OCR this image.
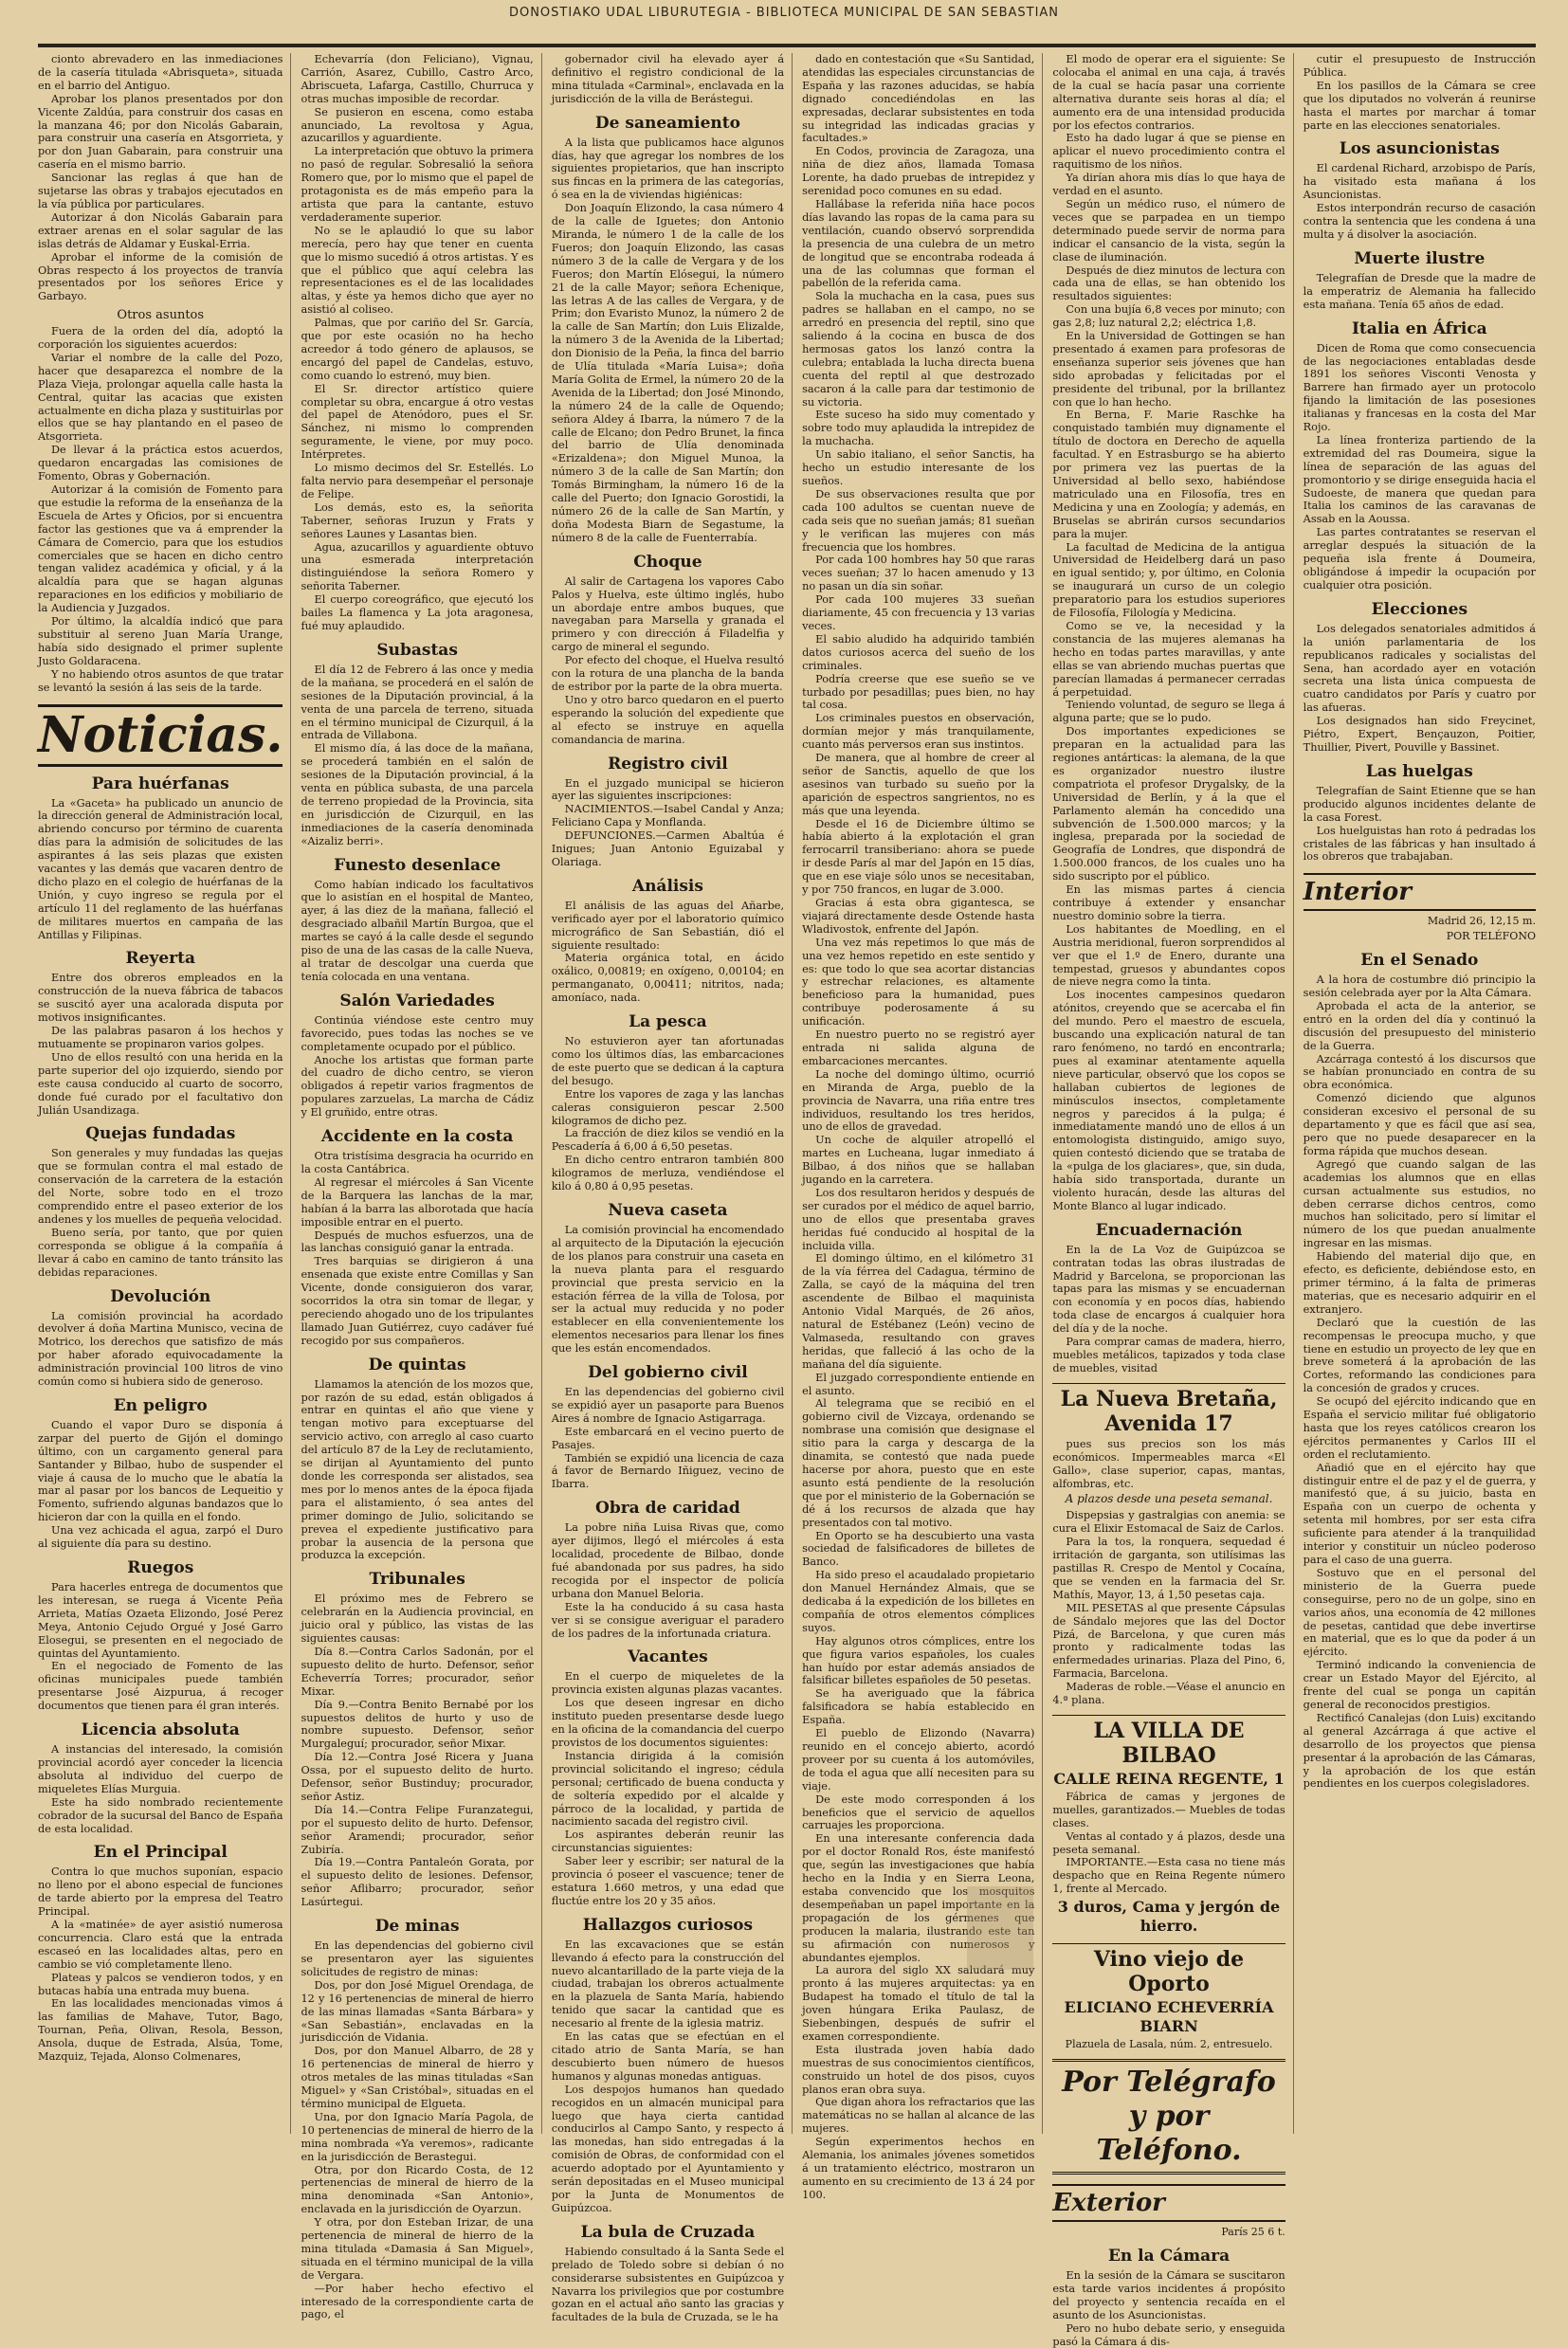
DONOSTIAKO UDAL LIBURUTEGIA - BIBLIOTECA MUNICIPAL DE SAN SEBASTIAN

cionto abrevadero en las inmediaciones de la casería titulada «Abrisqueta», situada en el barrio del Antiguo.

Aprobar los planos presentados por don Vicente Zaldúa, para construir dos casas en la manzana 46; por don Nicolás Gabarain, para construir una casería en Atsgorrieta, y por don Juan Gabarain, para construir una casería en el mismo barrio.

Sancionar las reglas á que han de sujetarse las obras y trabajos ejecutados en la vía pública por particulares.

Autorizar á don Nicolás Gabarain para extraer arenas en el solar sagular de las islas detrás de Aldamar y Euskal-Erria.

Aprobar el informe de la comisión de Obras respecto á los proyectos de tranvía presentados por los señores Erice y Garbayo.

Otros asuntos

Fuera de la orden del día, adoptó la corporación los siguientes acuerdos:

Variar el nombre de la calle del Pozo, hacer que desaparezca el nombre de la Plaza Vieja, prolongar aquella calle hasta la Central, quitar las acacias que existen actualmente en dicha plaza y sustituirlas por ellos que se hay plantando en el paseo de Atsgorrieta.

De llevar á la práctica estos acuerdos, quedaron encargadas las comisiones de Fomento, Obras y Gobernación.

Autorizar á la comisión de Fomento para que estudie la reforma de la enseñanza de la Escuela de Artes y Oficios, por si encuentra factor las gestiones que va á emprender la Cámara de Comercio, para que los estudios comerciales que se hacen en dicho centro tengan validez académica y oficial, y á la alcaldía para que se hagan algunas reparaciones en los edificios y mobiliario de la Audiencia y Juzgados.

Por último, la alcaldía indicó que para substituir al sereno Juan María Urange, había sido designado el primer suplente Justo Goldaracena.

Y no habiendo otros asuntos de que tratar se levantó la sesión á las seis de la tarde.

Noticias.
Para huérfanas

La «Gaceta» ha publicado un anuncio de la dirección general de Administración local, abriendo concurso por término de cuarenta días para la admisión de solicitudes de las aspirantes á las seis plazas que existen vacantes y las demás que vacaren dentro de dicho plazo en el colegio de huérfanas de la Unión, y cuyo ingreso se regula por el artículo 11 del reglamento de las huérfanas de militares muertos en campaña de las Antillas y Filipinas.

Reyerta

Entre dos obreros empleados en la construcción de la nueva fábrica de tabacos se suscitó ayer una acalorada disputa por motivos insignificantes.

De las palabras pasaron á los hechos y mutuamente se propinaron varios golpes.

Uno de ellos resultó con una herida en la parte superior del ojo izquierdo, siendo por este causa conducido al cuarto de socorro, donde fué curado por el facultativo don Julián Usandizaga.

Quejas fundadas

Son generales y muy fundadas las quejas que se formulan contra el mal estado de conservación de la carretera de la estación del Norte, sobre todo en el trozo comprendido entre el paseo exterior de los andenes y los muelles de pequeña velocidad.

Bueno sería, por tanto, que por quien corresponda se obligue á la compañía á llevar á cabo en camino de tanto tránsito las debidas reparaciones.

Devolución

La comisión provincial ha acordado devolver á doña Martina Munisco, vecina de Motrico, los derechos que satisfizo de más por haber aforado equivocadamente la administración provincial 100 litros de vino común como si hubiera sido de generoso.

En peligro

Cuando el vapor Duro se disponía á zarpar del puerto de Gijón el domingo último, con un cargamento general para Santander y Bilbao, hubo de suspender el viaje á causa de lo mucho que le abatía la mar al pasar por los bancos de Lequeitio y Fomento, sufriendo algunas bandazos que lo hicieron dar con la quilla en el fondo.

Una vez achicada el agua, zarpó el Duro al siguiente día para su destino.

Ruegos

Para hacerles entrega de documentos que les interesan, se ruega á Vicente Peña Arrieta, Matías Ozaeta Elizondo, José Perez Meya, Antonio Cejudo Orgué y José Garro Elosegui, se presenten en el negociado de quintas del Ayuntamiento.

En el negociado de Fomento de las oficinas municipales puede también presentarse José Aizpurua, á recoger documentos que tienen para él gran interés.

Licencia absoluta

A instancias del interesado, la comisión provincial acordó ayer conceder la licencia absoluta al individuo del cuerpo de miqueletes Elías Murguia.

Este ha sido nombrado recientemente cobrador de la sucursal del Banco de España de esta localidad.

En el Principal

Contra lo que muchos suponían, espacio no lleno por el abono especial de funciones de tarde abierto por la empresa del Teatro Principal.

A la «matinée» de ayer asistió numerosa concurrencia. Claro está que la entrada escaseó en las localidades altas, pero en cambio se vió completamente lleno.

Plateas y palcos se vendieron todos, y en butacas había una entrada muy buena.

En las localidades mencionadas vimos á las familias de Mahave, Tutor, Bago, Tournan, Peña, Olivan, Resola, Besson, Ansola, duque de Estrada, Alsúa, Tome, Mazquiz, Tejada, Alonso Colmenares,

Echevarría (don Feliciano), Vignau, Carrión, Asarez, Cubillo, Castro Arco, Abriscueta, Lafarga, Castillo, Churruca y otras muchas imposible de recordar.

Se pusieron en escena, como estaba anunciado, La revoltosa y Agua, azucarillos y aguardiente.

La interpretación que obtuvo la primera no pasó de regular. Sobresalió la señora Romero que, por lo mismo que el papel de protagonista es de más empeño para la artista que para la cantante, estuvo verdaderamente superior.

No se le aplaudió lo que su labor merecía, pero hay que tener en cuenta que lo mismo sucedió á otros artistas. Y es que el público que aquí celebra las representaciones es el de las localidades altas, y éste ya hemos dicho que ayer no asistió al coliseo.

Palmas, que por cariño del Sr. García, que por este ocasión no ha hecho acreedor á todo género de aplausos, se encargó del papel de Candelas, estuvo, como cuando lo estrenó, muy bien.

El Sr. director artístico quiere completar su obra, encargue á otro vestas del papel de Atenódoro, pues el Sr. Sánchez, ni mismo lo comprenden seguramente, le viene, por muy poco. Intérpretes.

Lo mismo decimos del Sr. Estellés. Lo falta nervio para desempeñar el personaje de Felipe.

Los demás, esto es, la señorita Taberner, señoras Iruzun y Frats y señores Launes y Lasantas bien.

Agua, azucarillos y aguardiente obtuvo una esmerada interpretación distinguiéndose la señora Romero y señorita Taberner.

El cuerpo coreográfico, que ejecutó los bailes La flamenca y La jota aragonesa, fué muy aplaudido.

Subastas

El día 12 de Febrero á las once y media de la mañana, se procederá en el salón de sesiones de la Diputación provincial, á la venta de una parcela de terreno, situada en el término municipal de Cizurquil, á la entrada de Villabona.

El mismo día, á las doce de la mañana, se procederá también en el salón de sesiones de la Diputación provincial, á la venta en pública subasta, de una parcela de terreno propiedad de la Provincia, sita en jurisdicción de Cizurquil, en las inmediaciones de la casería denominada «Aizaliz berri».

Funesto desenlace

Como habían indicado los facultativos que lo asistían en el hospital de Manteo, ayer, á las diez de la mañana, falleció el desgraciado albañil Martín Burgoa, que el martes se cayó á la calle desde el segundo piso de una de las casas de la calle Nueva, al tratar de descolgar una cuerda que tenía colocada en una ventana.

Salón Variedades

Continúa viéndose este centro muy favorecido, pues todas las noches se ve completamente ocupado por el público.

Anoche los artistas que forman parte del cuadro de dicho centro, se vieron obligados á repetir varios fragmentos de populares zarzuelas, La marcha de Cádiz y El gruñido, entre otras.

Accidente en la costa

Otra tristísima desgracia ha ocurrido en la costa Cantábrica.

Al regresar el miércoles á San Vicente de la Barquera las lanchas de la mar, habían á la barra las alborotada que hacía imposible entrar en el puerto.

Después de muchos esfuerzos, una de las lanchas consiguió ganar la entrada.

Tres barquias se dirigieron á una ensenada que existe entre Comillas y San Vicente, donde consiguieron dos varar, socorridos la otra sin tomar de llegar, y pereciendo ahogado uno de los tripulantes llamado Juan Gutiérrez, cuyo cadáver fué recogido por sus compañeros.

De quintas

Llamamos la atención de los mozos que, por razón de su edad, están obligados á entrar en quintas el año que viene y tengan motivo para exceptuarse del servicio activo, con arreglo al caso cuarto del artículo 87 de la Ley de reclutamiento, se dirijan al Ayuntamiento del punto donde les corresponda ser alistados, sea mes por lo menos antes de la época fijada para el alistamiento, ó sea antes del primer domingo de Julio, solicitando se prevea el expediente justificativo para probar la ausencia de la persona que produzca la excepción.

Tribunales

El próximo mes de Febrero se celebrarán en la Audiencia provincial, en juicio oral y público, las vistas de las siguientes causas:

Día 8.—Contra Carlos Sadonán, por el supuesto delito de hurto. Defensor, señor Echeverría Torres; procurador, señor Mixar.

Día 9.—Contra Benito Bernabé por los supuestos delitos de hurto y uso de nombre supuesto. Defensor, señor Murgaleguí; procurador, señor Mixar.

Día 12.—Contra José Ricera y Juana Ossa, por el supuesto delito de hurto. Defensor, señor Bustinduy; procurador, señor Astiz.

Día 14.—Contra Felipe Furanzategui, por el supuesto delito de hurto. Defensor, señor Aramendi; procurador, señor Zubiría.

Día 19.—Contra Pantaleón Gorata, por el supuesto delito de lesiones. Defensor, señor Aflibarro; procurador, señor Lasúrtegui.

De minas

En las dependencias del gobierno civil se presentaron ayer las siguientes solicitudes de registro de minas:

Dos, por don José Miguel Orendaga, de 12 y 16 pertenencias de mineral de hierro de las minas llamadas «Santa Bárbara» y «San Sebastián», enclavadas en la jurisdicción de Vidania.

Dos, por don Manuel Albarro, de 28 y 16 pertenencias de mineral de hierro y otros metales de las minas tituladas «San Miguel» y «San Cristóbal», situadas en el término municipal de Elgueta.

Una, por don Ignacio María Pagola, de 10 pertenencias de mineral de hierro de la mina nombrada «Ya veremos», radicante en la jurisdicción de Berastegui.

Otra, por don Ricardo Costa, de 12 pertenencias de mineral de hierro de la mina denominada «San Antonio», enclavada en la jurisdicción de Oyarzun.

Y otra, por don Esteban Irizar, de una pertenencia de mineral de hierro de la mina titulada «Damasia á San Miguel», situada en el término municipal de la villa de Vergara.

—Por haber hecho efectivo el interesado de la correspondiente carta de pago, el

gobernador civil ha elevado ayer á definitivo el registro condicional de la mina titulada «Carminal», enclavada en la jurisdicción de la villa de Berástegui.

De saneamiento

A la lista que publicamos hace algunos días, hay que agregar los nombres de los siguientes propietarios, que han inscripto sus fincas en la primera de las categorías, ó sea en la de viviendas higiénicas:

Don Joaquín Elizondo, la casa número 4 de la calle de Iguetes; don Antonio Miranda, le número 1 de la calle de los Fueros; don Joaquín Elizondo, las casas número 3 de la calle de Vergara y de los Fueros; don Martín Elósegui, la número 21 de la calle Mayor; señora Echenique, las letras A de las calles de Vergara, y de Prim; don Evaristo Munoz, la número 2 de la calle de San Martín; don Luis Elizalde, la número 3 de la Avenida de la Libertad; don Dionisio de la Peña, la finca del barrio de Ulía titulada «María Luisa»; doña María Golita de Ermel, la número 20 de la Avenida de la Libertad; don José Minondo, la número 24 de la calle de Oquendo; señora Aldey á Ibarra, la número 7 de la calle de Elcano; don Pedro Brunet, la finca del barrio de Ulía denominada «Erizaldena»; don Miguel Munoa, la número 3 de la calle de San Martín; don Tomás Birmingham, la número 16 de la calle del Puerto; don Ignacio Gorostidi, la número 26 de la calle de San Martín, y doña Modesta Biarn de Segastume, la número 8 de la calle de Fuenterrabía.

Choque

Al salir de Cartagena los vapores Cabo Palos y Huelva, este último inglés, hubo un abordaje entre ambos buques, que navegaban para Marsella y granada el primero y con dirección á Filadelfia y cargo de mineral el segundo.

Por efecto del choque, el Huelva resultó con la rotura de una plancha de la banda de estribor por la parte de la obra muerta.

Uno y otro barco quedaron en el puerto esperando la solución del expediente que al efecto se instruye en aquella comandancia de marina.

Registro civil

En el juzgado municipal se hicieron ayer las siguientes inscripciones:

NACIMIENTOS.—Isabel Candal y Anza; Feliciano Capa y Monflanda.

DEFUNCIONES.—Carmen Abaltúa é Inigues; Juan Antonio Eguizabal y Olariaga.

Análisis

El análisis de las aguas del Añarbe, verificado ayer por el laboratorio químico micrográfico de San Sebastián, dió el siguiente resultado:

Materia orgánica total, en ácido oxálico, 0,00819; en oxígeno, 0,00104; en permanganato, 0,00411; nitritos, nada; amoníaco, nada.

La pesca

No estuvieron ayer tan afortunadas como los últimos días, las embarcaciones de este puerto que se dedican á la captura del besugo.

Entre los vapores de zaga y las lanchas caleras consiguieron pescar 2.500 kilogramos de dicho pez.

La fracción de diez kilos se vendió en la Pescadería á 6,00 á 6,50 pesetas.

En dicho centro entraron también 800 kilogramos de merluza, vendiéndose el kilo á 0,80 á 0,95 pesetas.

Nueva caseta

La comisión provincial ha encomendado al arquitecto de la Diputación la ejecución de los planos para construir una caseta en la nueva planta para el resguardo provincial que presta servicio en la estación férrea de la villa de Tolosa, por ser la actual muy reducida y no poder establecer en ella convenientemente los elementos necesarios para llenar los fines que les están encomendados.

Del gobierno civil

En las dependencias del gobierno civil se expidió ayer un pasaporte para Buenos Aires á nombre de Ignacio Astigarraga.

Este embarcará en el vecino puerto de Pasajes.

También se expidió una licencia de caza á favor de Bernardo Iñiguez, vecino de Ibarra.

Obra de caridad

La pobre niña Luisa Rivas que, como ayer dijimos, llegó el miércoles á esta localidad, procedente de Bilbao, donde fué abandonada por sus padres, ha sido recogida por el inspector de policía urbana don Manuel Beloria.

Este la ha conducido á su casa hasta ver si se consigue averiguar el paradero de los padres de la infortunada criatura.

Vacantes

En el cuerpo de miqueletes de la provincia existen algunas plazas vacantes.

Los que deseen ingresar en dicho instituto pueden presentarse desde luego en la oficina de la comandancia del cuerpo provistos de los documentos siguientes:

Instancia dirigida á la comisión provincial solicitando el ingreso; cédula personal; certificado de buena conducta y de soltería expedido por el alcalde y párroco de la localidad, y partida de nacimiento sacada del registro civil.

Los aspirantes deberán reunir las circunstancias siguientes:

Saber leer y escribir; ser natural de la provincia ó poseer el vascuence; tener de estatura 1.660 metros, y una edad que fluctúe entre los 20 y 35 años.

Hallazgos curiosos

En las excavaciones que se están llevando á efecto para la construcción del nuevo alcantarillado de la parte vieja de la ciudad, trabajan los obreros actualmente en la plazuela de Santa María, habiendo tenido que sacar la cantidad que es necesario al frente de la iglesia matriz.

En las catas que se efectúan en el citado atrio de Santa María, se han descubierto buen número de huesos humanos y algunas monedas antiguas.

Los despojos humanos han quedado recogidos en un almacén municipal para luego que haya cierta cantidad conducirlos al Campo Santo, y respecto á las monedas, han sido entregadas á la comisión de Obras, de conformidad con el acuerdo adoptado por el Ayuntamiento y serán depositadas en el Museo municipal por la Junta de Monumentos de Guipúzcoa.

La bula de Cruzada

Habiendo consultado á la Santa Sede el prelado de Toledo sobre si debían ó no considerarse subsistentes en Guipúzcoa y Navarra los privilegios que por costumbre gozan en el actual año santo las gracias y facultades de la bula de Cruzada, se le ha

dado en contestación que «Su Santidad, atendidas las especiales circunstancias de España y las razones aducidas, se había dignado concediéndolas en las expresadas, declarar subsistentes en toda su integridad las indicadas gracias y facultades.»

En Codos, provincia de Zaragoza, una niña de diez años, llamada Tomasa Lorente, ha dado pruebas de intrepidez y serenidad poco comunes en su edad.

Hallábase la referida niña hace pocos días lavando las ropas de la cama para su ventilación, cuando observó sorprendida la presencia de una culebra de un metro de longitud que se encontraba rodeada á una de las columnas que forman el pabellón de la referida cama.

Sola la muchacha en la casa, pues sus padres se hallaban en el campo, no se arredró en presencia del reptil, sino que saliendo á la cocina en busca de dos hermosas gatos los lanzó contra la culebra; entablada la lucha directa buena cuenta del reptil al que destrozado sacaron á la calle para dar testimonio de su victoria.

Este suceso ha sido muy comentado y sobre todo muy aplaudida la intrepidez de la muchacha.

Un sabio italiano, el señor Sanctis, ha hecho un estudio interesante de los sueños.

De sus observaciones resulta que por cada 100 adultos se cuentan nueve de cada seis que no sueñan jamás; 81 sueñan y le verifican las mujeres con más frecuencia que los hombres.

Por cada 100 hombres hay 50 que raras veces sueñan; 37 lo hacen amenudo y 13 no pasan un día sin soñar.

Por cada 100 mujeres 33 sueñan diariamente, 45 con frecuencia y 13 varias veces.

El sabio aludido ha adquirido también datos curiosos acerca del sueño de los criminales.

Podría creerse que ese sueño se ve turbado por pesadillas; pues bien, no hay tal cosa.

Los criminales puestos en observación, dormían mejor y más tranquilamente, cuanto más perversos eran sus instintos.

De manera, que al hombre de creer al señor de Sanctis, aquello de que los asesinos van turbado su sueño por la aparición de espectros sangrientos, no es más que una leyenda.

Desde el 16 de Diciembre último se había abierto á la explotación el gran ferrocarril transiberiano: ahora se puede ir desde París al mar del Japón en 15 días, que en ese viaje sólo unos se necesitaban, y por 750 francos, en lugar de 3.000.

Gracias á esta obra gigantesca, se viajará directamente desde Ostende hasta Wladivostok, enfrente del Japón.

Una vez más repetimos lo que más de una vez hemos repetido en este sentido y es: que todo lo que sea acortar distancias y estrechar relaciones, es altamente beneficioso para la humanidad, pues contribuye poderosamente á su unificación.

En nuestro puerto no se registró ayer entrada ni salida alguna de embarcaciones mercantes.

La noche del domingo último, ocurrió en Miranda de Arga, pueblo de la provincia de Navarra, una riña entre tres individuos, resultando los tres heridos, uno de ellos de gravedad.

Un coche de alquiler atropelló el martes en Lucheana, lugar inmediato á Bilbao, á dos niños que se hallaban jugando en la carretera.

Los dos resultaron heridos y después de ser curados por el médico de aquel barrio, uno de ellos que presentaba graves heridas fué conducido al hospital de la incluida villa.

El domingo último, en el kilómetro 31 de la vía férrea del Cadagua, término de Zalla, se cayó de la máquina del tren ascendente de Bilbao el maquinista Antonio Vidal Marqués, de 26 años, natural de Estébanez (León) vecino de Valmaseda, resultando con graves heridas, que falleció á las ocho de la mañana del día siguiente.

El juzgado correspondiente entiende en el asunto.

Al telegrama que se recibió en el gobierno civil de Vizcaya, ordenando se nombrase una comisión que designase el sitio para la carga y descarga de la dinamita, se contestó que nada puede hacerse por ahora, puesto que en este asunto está pendiente de la resolución que por el ministerio de la Gobernación se dé á los recursos de alzada que hay presentados con tal motivo.

En Oporto se ha descubierto una vasta sociedad de falsificadores de billetes de Banco.

Ha sido preso el acaudalado propietario don Manuel Hernández Almais, que se dedicaba á la expedición de los billetes en compañía de otros elementos cómplices suyos.

Hay algunos otros cómplices, entre los que figura varios españoles, los cuales han huído por estar además ansiados de falsificar billetes españoles de 50 pesetas.

Se ha averiguado que la fábrica falsificadora se había establecido en España.

El pueblo de Elizondo (Navarra) reunido en el concejo abierto, acordó proveer por su cuenta á los automóviles, de toda el agua que allí necesiten para su viaje.

De este modo corresponden á los beneficios que el servicio de aquellos carruajes les proporciona.

En una interesante conferencia dada por el doctor Ronald Ros, éste manifestó que, según las investigaciones que había hecho en la India y en Sierra Leona, estaba convencido que los mosquitos desempeñaban un papel importante en la propagación de los gérmenes que producen la malaria, ilustrando este tan su afirmación con numerosos y abundantes ejemplos.

La aurora del siglo XX saludará muy pronto á las mujeres arquitectas: ya en Budapest ha tomado el título de tal la joven húngara Erika Paulasz, de Siebenbingen, después de sufrir el examen correspondiente.

Esta ilustrada joven había dado muestras de sus conocimientos científicos, construido un hotel de dos pisos, cuyos planos eran obra suya.

Que digan ahora los refractarios que las matemáticas no se hallan al alcance de las mujeres.

Según experimentos hechos en Alemania, los animales jóvenes sometidos á un tratamiento eléctrico, mostraron un aumento en su crecimiento de 13 á 24 por 100.

El modo de operar era el siguiente: Se colocaba el animal en una caja, á través de la cual se hacía pasar una corriente alternativa durante seis horas al día; el aumento era de una intensidad producida por los efectos contrarios.

Esto ha dado lugar á que se piense en aplicar el nuevo procedimiento contra el raquitismo de los niños.

Ya dirían ahora mis días lo que haya de verdad en el asunto.

Según un médico ruso, el número de veces que se parpadea en un tiempo determinado puede servir de norma para indicar el cansancio de la vista, según la clase de iluminación.

Después de diez minutos de lectura con cada una de ellas, se han obtenido los resultados siguientes:

Con una bujía 6,8 veces por minuto; con gas 2,8; luz natural 2,2; eléctrica 1,8.

En la Universidad de Gottingen se han presentado á examen para profesoras de enseñanza superior seis jóvenes que han sido aprobadas y felicitadas por el presidente del tribunal, por la brillantez con que lo han hecho.

En Berna, F. Marie Raschke ha conquistado también muy dignamente el título de doctora en Derecho de aquella facultad. Y en Estrasburgo se ha abierto por primera vez las puertas de la Universidad al bello sexo, habiéndose matriculado una en Filosofía, tres en Medicina y una en Zoología; y además, en Bruselas se abrirán cursos secundarios para la mujer.

La facultad de Medicina de la antigua Universidad de Heidelberg dará un paso en igual sentido; y, por último, en Colonia se inaugurará un curso de un colegio preparatorio para los estudios superiores de Filosofía, Filología y Medicina.

Como se ve, la necesidad y la constancia de las mujeres alemanas ha hecho en todas partes maravillas, y ante ellas se van abriendo muchas puertas que parecían llamadas á permanecer cerradas á perpetuidad.

Teniendo voluntad, de seguro se llega á alguna parte; que se lo pudo.

Dos importantes expediciones se preparan en la actualidad para las regiones antárticas: la alemana, de la que es organizador nuestro ilustre compatriota el profesor Drygalsky, de la Universidad de Berlín, y á la que el Parlamento alemán ha concedido una subvención de 1.500.000 marcos; y la inglesa, preparada por la sociedad de Geografía de Londres, que dispondrá de 1.500.000 francos, de los cuales uno ha sido suscripto por el público.

En las mismas partes á ciencia contribuye á extender y ensanchar nuestro dominio sobre la tierra.

Los habitantes de Moedling, en el Austria meridional, fueron sorprendidos al ver que el 1.º de Enero, durante una tempestad, gruesos y abundantes copos de nieve negra como la tinta.

Los inocentes campesinos quedaron atónitos, creyendo que se acercaba el fin del mundo. Pero el maestro de escuela, buscando una explicación natural de tan raro fenómeno, no tardó en encontrarla; pues al examinar atentamente aquella nieve particular, observó que los copos se hallaban cubiertos de legiones de minúsculos insectos, completamente negros y parecidos á la pulga; é inmediatamente mandó uno de ellos á un entomologista distinguido, amigo suyo, quien contestó diciendo que se trataba de la «pulga de los glaciares», que, sin duda, había sido transportada, durante un violento huracán, desde las alturas del Monte Blanco al lugar indicado.

Encuadernación

En la de La Voz de Guipúzcoa se contratan todas las obras ilustradas de Madrid y Barcelona, se proporcionan las tapas para las mismas y se encuadernan con economía y en pocos días, habiendo toda clase de encargos á cualquier hora del día y de la noche.

Para comprar camas de madera, hierro, muebles metálicos, tapizados y toda clase de muebles, visitad

La Nueva Bretaña, Avenida 17

pues sus precios son los más económicos. Impermeables marca «El Gallo», clase superior, capas, mantas, alfombras, etc.

A plazos desde una peseta semanal.

Dispepsias y gastralgias con anemia: se cura el Elixir Estomacal de Saiz de Carlos.

Para la tos, la ronquera, sequedad é irritación de garganta, son utilísimas las pastillas R. Crespo de Mentol y Cocaína, que se venden en la farmacia del Sr. Mathís, Mayor, 13, á 1,50 pesetas caja.

MIL PESETAS al que presente Cápsulas de Sándalo mejores que las del Doctor Pizá, de Barcelona, y que curen más pronto y radicalmente todas las enfermedades urinarias. Plaza del Pino, 6, Farmacia, Barcelona.

Maderas de roble.—Véase el anuncio en 4.ª plana.

LA VILLA DE BILBAO
CALLE REINA REGENTE, 1

Fábrica de camas y jergones de muelles, garantizados.— Muebles de todas clases.

Ventas al contado y á plazos, desde una peseta semanal.

IMPORTANTE.—Esta casa no tiene más despacho que en Reina Regente número 1, frente al Mercado.

3 duros, Cama y jergón de hierro.
Vino viejo de Oporto
ELICIANO ECHEVERRÍA BIARN
Plazuela de Lasala, núm. 2, entresuelo.
Por Telégrafo y por Teléfono.
Exterior
París 25 6 t.
En la Cámara

En la sesión de la Cámara se suscitaron esta tarde varios incidentes á propósito del proyecto y sentencia recaída en el asunto de los Asuncionistas.

Pero no hubo debate serio, y enseguida pasó la Cámara á dis-

cutir el presupuesto de Instrucción Pública.

En los pasillos de la Cámara se cree que los diputados no volverán á reunirse hasta el martes por marchar á tomar parte en las elecciones senatoriales.

Los asuncionistas

El cardenal Richard, arzobispo de París, ha visitado esta mañana á los Asuncionistas.

Estos interpondrán recurso de casación contra la sentencia que les condena á una multa y á disolver la asociación.

Muerte ilustre

Telegrafían de Dresde que la madre de la emperatriz de Alemania ha fallecido esta mañana. Tenía 65 años de edad.

Italia en África

Dicen de Roma que como consecuencia de las negociaciones entabladas desde 1891 los señores Visconti Venosta y Barrere han firmado ayer un protocolo fijando la limitación de las posesiones italianas y francesas en la costa del Mar Rojo.

La línea fronteriza partiendo de la extremidad del ras Doumeira, sigue la línea de separación de las aguas del promontorio y se dirige enseguida hacia el Sudoeste, de manera que quedan para Italia los caminos de las caravanas de Assab en la Aoussa.

Las partes contratantes se reservan el arreglar después la situación de la pequeña isla frente á Doumeira, obligándose á impedir la ocupación por cualquier otra posición.

Elecciones

Los delegados senatoriales admitidos á la unión parlamentaria de los republicanos radicales y socialistas del Sena, han acordado ayer en votación secreta una lista única compuesta de cuatro candidatos por París y cuatro por las afueras.

Los designados han sido Freycinet, Piétro, Expert, Bençauzon, Poitier, Thuillier, Pivert, Pouville y Bassinet.

Las huelgas

Telegrafían de Saint Etienne que se han producido algunos incidentes delante de la casa Forest.

Los huelguistas han roto á pedradas los cristales de las fábricas y han insultado á los obreros que trabajaban.

Interior
Madrid 26, 12,15 m.
POR TELÉFONO
En el Senado

A la hora de costumbre dió principio la sesión celebrada ayer por la Alta Cámara.

Aprobada el acta de la anterior, se entró en la orden del día y continuó la discusión del presupuesto del ministerio de la Guerra.

Azcárraga contestó á los discursos que se habían pronunciado en contra de su obra económica.

Comenzó diciendo que algunos consideran excesivo el personal de su departamento y que es fácil que así sea, pero que no puede desaparecer en la forma rápida que muchos desean.

Agregó que cuando salgan de las academias los alumnos que en ellas cursan actualmente sus estudios, no deben cerrarse dichos centros, como muchos han solicitado, pero sí limitar el número de los que puedan anualmente ingresar en las mismas.

Habiendo del material dijo que, en efecto, es deficiente, debiéndose esto, en primer término, á la falta de primeras materias, que es necesario adquirir en el extranjero.

Declaró que la cuestión de las recompensas le preocupa mucho, y que tiene en estudio un proyecto de ley que en breve someterá á la aprobación de las Cortes, reformando las condiciones para la concesión de grados y cruces.

Se ocupó del ejército indicando que en España el servicio militar fué obligatorio hasta que los reyes católicos crearon los ejércitos permanentes y Carlos III el orden el reclutamiento.

Añadió que en el ejército hay que distinguir entre el de paz y el de guerra, y manifestó que, á su juicio, basta en España con un cuerpo de ochenta y setenta mil hombres, por ser esta cifra suficiente para atender á la tranquilidad interior y constituir un núcleo poderoso para el caso de una guerra.

Sostuvo que en el personal del ministerio de la Guerra puede conseguirse, pero no de un golpe, sino en varios años, una economía de 42 millones de pesetas, cantidad que debe invertirse en material, que es lo que da poder á un ejército.

Terminó indicando la conveniencia de crear un Estado Mayor del Ejército, al frente del cual se ponga un capitán general de reconocidos prestigios.

Rectificó Canalejas (don Luis) excitando al general Azcárraga á que active el desarrollo de los proyectos que piensa presentar á la aprobación de las Cámaras, y la aprobación de los que están pendientes en los cuerpos colegisladores.
